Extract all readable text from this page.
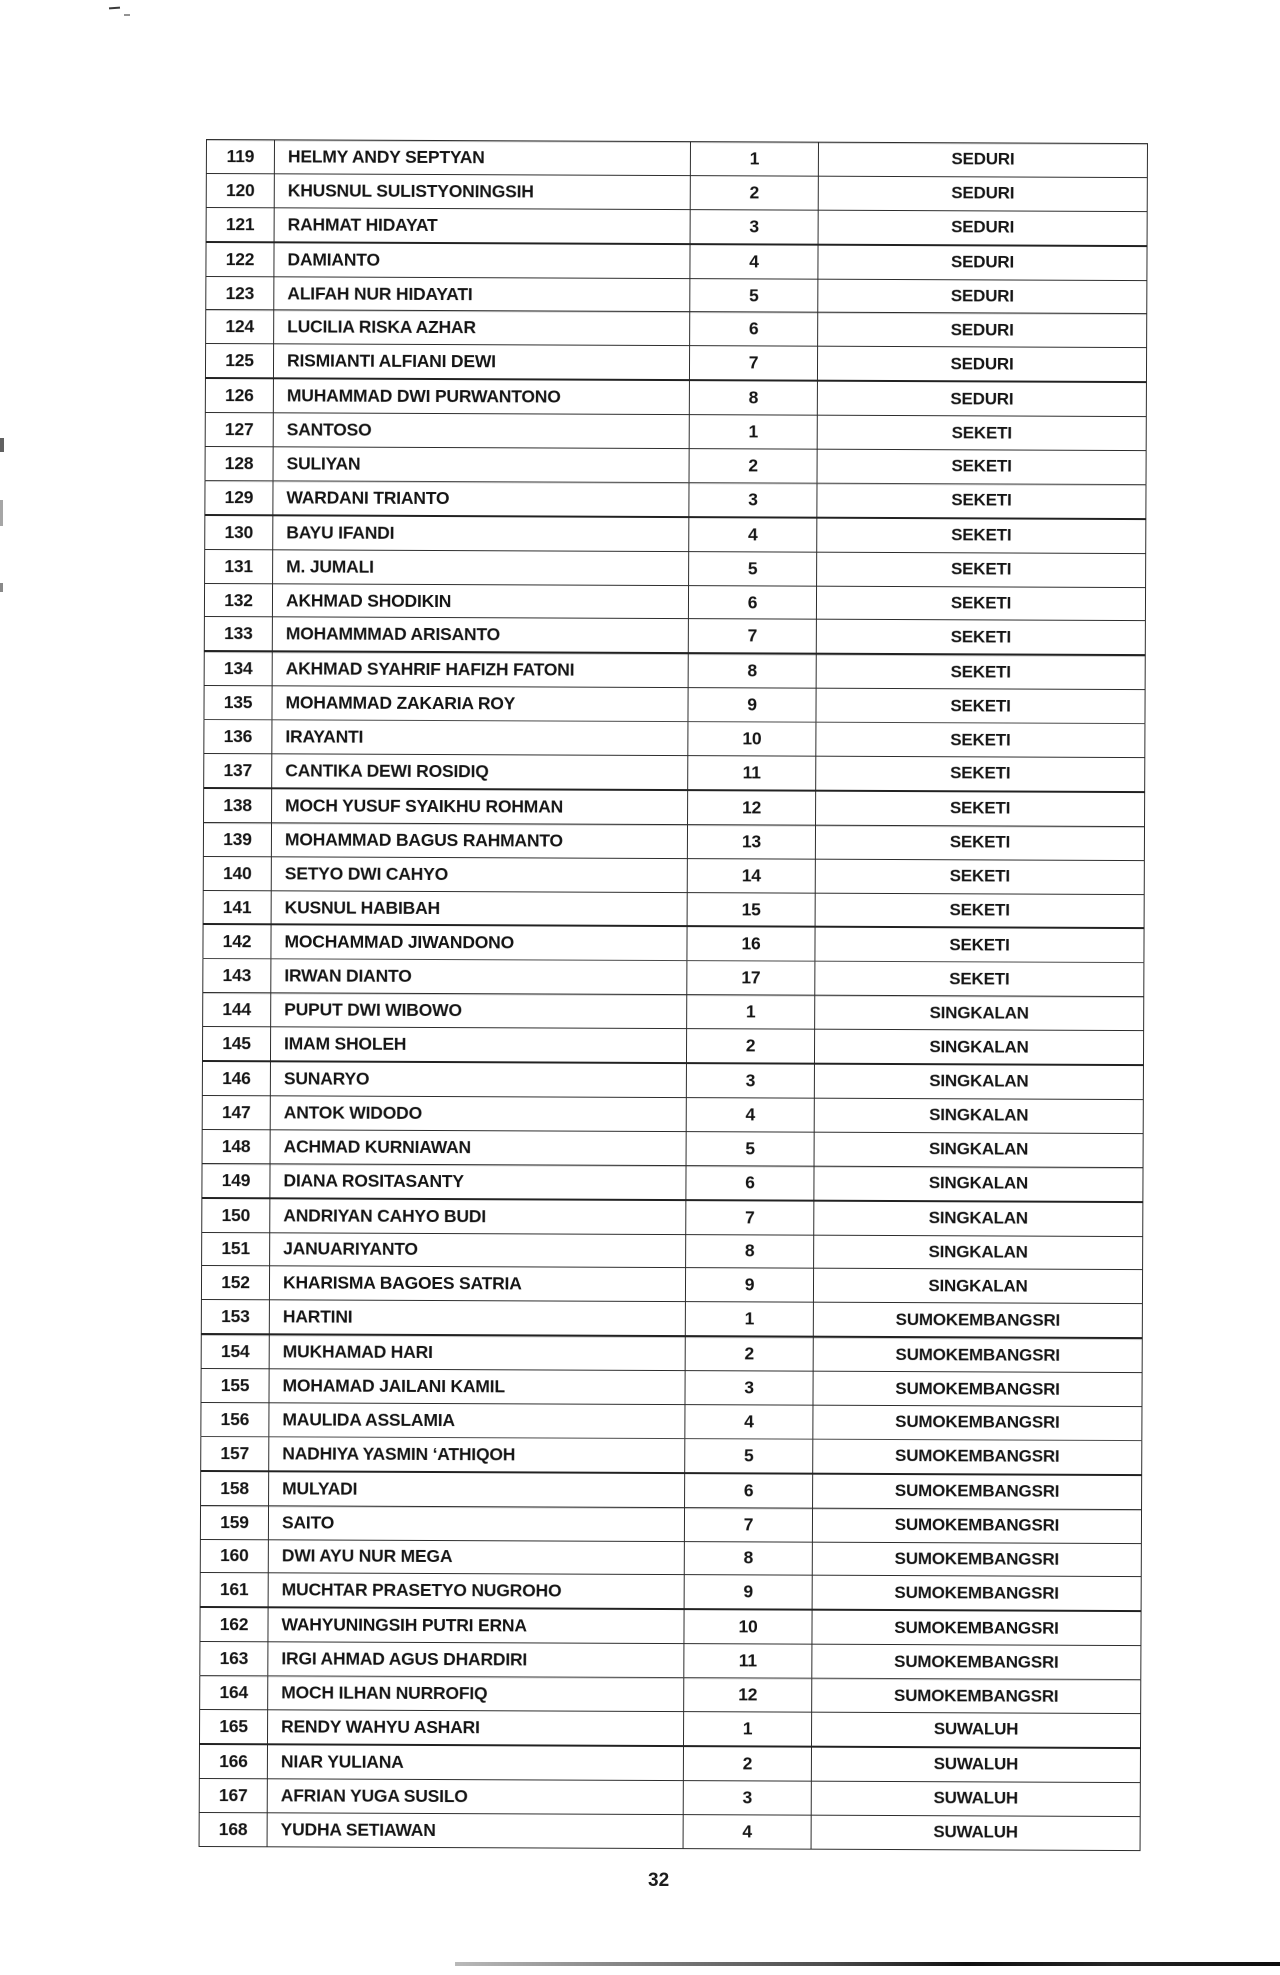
119	HELMY ANDY SEPTYAN	1	SEDURI
120	KHUSNUL SULISTYONINGSIH	2	SEDURI
121	RAHMAT HIDAYAT	3	SEDURI
122	DAMIANTO	4	SEDURI
123	ALIFAH NUR HIDAYATI	5	SEDURI
124	LUCILIA RISKA AZHAR	6	SEDURI
125	RISMIANTI ALFIANI DEWI	7	SEDURI
126	MUHAMMAD DWI PURWANTONO	8	SEDURI
127	SANTOSO	1	SEKETI
128	SULIYAN	2	SEKETI
129	WARDANI TRIANTO	3	SEKETI
130	BAYU IFANDI	4	SEKETI
131	M. JUMALI	5	SEKETI
132	AKHMAD SHODIKIN	6	SEKETI
133	MOHAMMMAD ARISANTO	7	SEKETI
134	AKHMAD SYAHRIF HAFIZH FATONI	8	SEKETI
135	MOHAMMAD ZAKARIA ROY	9	SEKETI
136	IRAYANTI	10	SEKETI
137	CANTIKA DEWI ROSIDIQ	11	SEKETI
138	MOCH YUSUF SYAIKHU ROHMAN	12	SEKETI
139	MOHAMMAD BAGUS RAHMANTO	13	SEKETI
140	SETYO DWI CAHYO	14	SEKETI
141	KUSNUL HABIBAH	15	SEKETI
142	MOCHAMMAD JIWANDONO	16	SEKETI
143	IRWAN DIANTO	17	SEKETI
144	PUPUT DWI WIBOWO	1	SINGKALAN
145	IMAM SHOLEH	2	SINGKALAN
146	SUNARYO	3	SINGKALAN
147	ANTOK WIDODO	4	SINGKALAN
148	ACHMAD KURNIAWAN	5	SINGKALAN
149	DIANA ROSITASANTY	6	SINGKALAN
150	ANDRIYAN CAHYO BUDI	7	SINGKALAN
151	JANUARIYANTO	8	SINGKALAN
152	KHARISMA BAGOES SATRIA	9	SINGKALAN
153	HARTINI	1	SUMOKEMBANGSRI
154	MUKHAMAD HARI	2	SUMOKEMBANGSRI
155	MOHAMAD JAILANI KAMIL	3	SUMOKEMBANGSRI
156	MAULIDA ASSLAMIA	4	SUMOKEMBANGSRI
157	NADHIYA YASMIN ‘ATHIQOH	5	SUMOKEMBANGSRI
158	MULYADI	6	SUMOKEMBANGSRI
159	SAITO	7	SUMOKEMBANGSRI
160	DWI AYU NUR MEGA	8	SUMOKEMBANGSRI
161	MUCHTAR PRASETYO NUGROHO	9	SUMOKEMBANGSRI
162	WAHYUNINGSIH PUTRI ERNA	10	SUMOKEMBANGSRI
163	IRGI AHMAD AGUS DHARDIRI	11	SUMOKEMBANGSRI
164	MOCH ILHAN NURROFIQ	12	SUMOKEMBANGSRI
165	RENDY WAHYU ASHARI	1	SUWALUH
166	NIAR YULIANA	2	SUWALUH
167	AFRIAN YUGA SUSILO	3	SUWALUH
168	YUDHA SETIAWAN	4	SUWALUH
32
